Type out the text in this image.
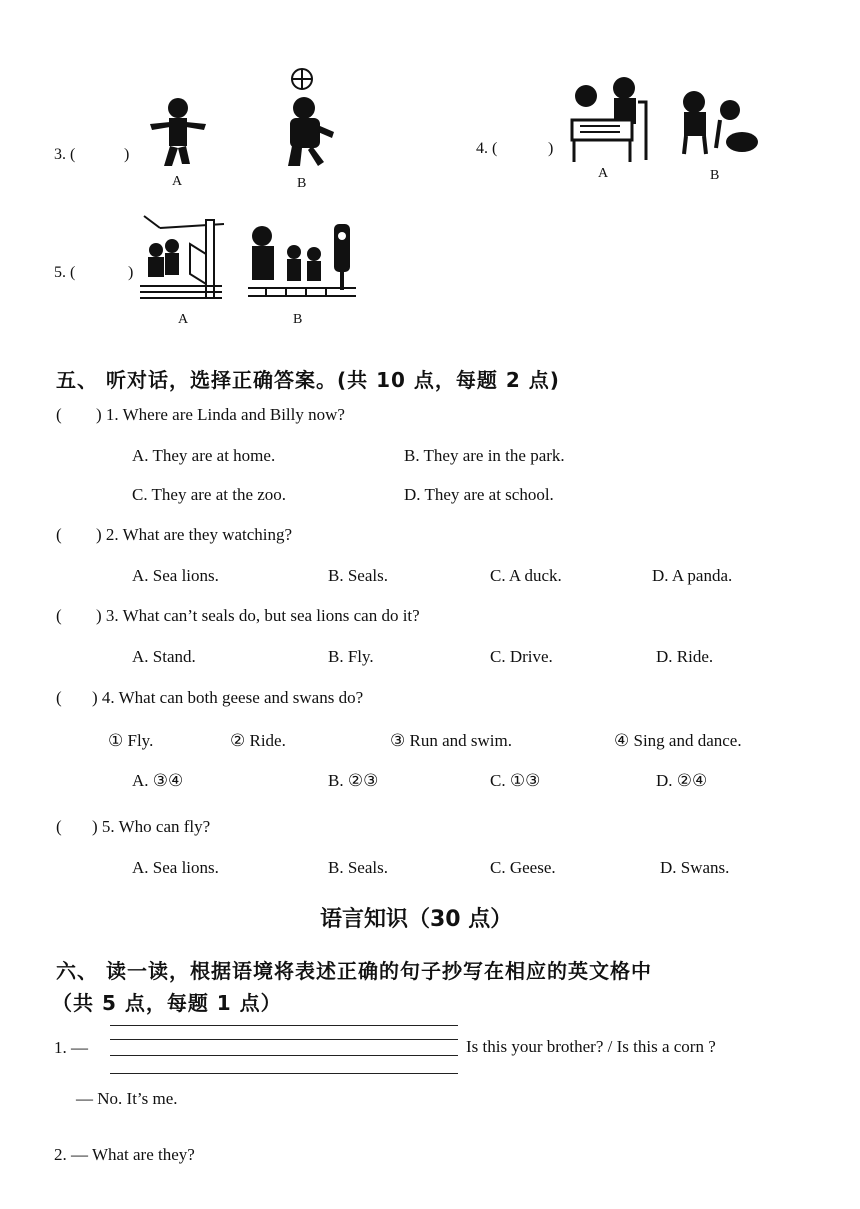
3. (	)
A	B
4. (	)
A	B
5. (	)
A	B
五、 听对话，选择正确答案。(共 10 点，每题 2 点)
( ) 1. Where are Linda and Billy now?
A. They are at home.	B. They are in the park.
C. They are at the zoo.	D. They are at school.
( ) 2. What are they watching?
A. Sea lions.	B. Seals.	C. A duck.	D. A panda.
( ) 3. What can’t seals do, but sea lions can do it?
A. Stand.	B. Fly.	C. Drive.	D. Ride.
( ) 4. What can both geese and swans do?
① Fly.	② Ride.	③ Run and swim.	④ Sing and dance.
A. ③④	B. ②③	C. ①③	D. ②④
( ) 5. Who can fly?
A. Sea lions.	B. Seals.	C. Geese.	D. Swans.
语言知识（30 点）
六、 读一读，根据语境将表述正确的句子抄写在相应的英文格中
（共 5 点，每题 1 点）
1. —	Is this your brother? / Is this a corn ?
— No. It’s me.
2. — What are they?
